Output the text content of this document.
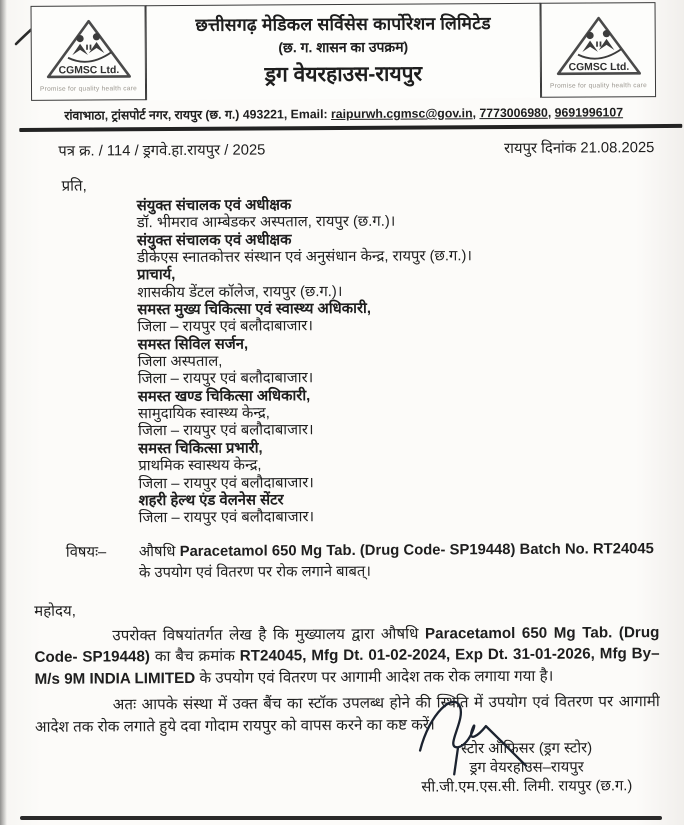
CGMSC Ltd.
Promise for quality health care
छत्तीसगढ़ मेडिकल सर्विसेस कार्पोरेशन लिमिटेड
(छ. ग. शासन का उपक्रम)
ड्रग वेयरहाउस-रायपुर	CGMSC Ltd.
Promise for quality health care
रांवाभाठा, ट्रांसपोर्ट नगर, रायपुर (छ. ग.) 493221, Email: raipurwh.cgmsc@gov.in, 7773006980, 9691996107
पत्र क्र. / 114 / ड्रगवे.हा.रायपुर / 2025	रायपुर दिनांक 21.08.2025
प्रति,
संयुक्त संचालक एवं अधीक्षक
डॉ. भीमराव आम्बेडकर अस्पताल, रायपुर (छ.ग.)।
संयुक्त संचालक एवं अधीक्षक
डीकेएस स्नातकोत्तर संस्थान एवं अनुसंधान केन्द्र, रायपुर (छ.ग.)।
प्राचार्य,
शासकीय डेंटल कॉलेज, रायपुर (छ.ग.)।
समस्त मुख्य चिकित्सा एवं स्वास्थ्य अधिकारी,
जिला – रायपुर एवं बलौदाबाजार।
समस्त सिविल सर्जन,
जिला अस्पताल,
जिला – रायपुर एवं बलौदाबाजार।
समस्त खण्ड चिकित्सा अधिकारी,
सामुदायिक स्वास्थ्य केन्द्र,
जिला – रायपुर एवं बलौदाबाजार।
समस्त चिकित्सा प्रभारी,
प्राथमिक स्वास्थय केन्द्र,
जिला – रायपुर एवं बलौदाबाजार।
शहरी हेल्थ एंड वेलनेस सेंटर
जिला – रायपुर एवं बलौदाबाजार।
विषयः–	औषधि Paracetamol 650 Mg Tab. (Drug Code- SP19448) Batch No. RT24045 के उपयोग एवं वितरण पर रोक लगाने बाबत्।
महोदय,
उपरोक्त विषयांतर्गत लेख है कि मुख्यालय द्वारा औषधि Paracetamol 650 Mg Tab. (Drug Code- SP19448) का बैच क्रमांक RT24045, Mfg Dt. 01-02-2024, Exp Dt. 31-01-2026, Mfg By– M/s 9M INDIA LIMITED के उपयोग एवं वितरण पर आगामी आदेश तक रोक लगाया गया है।
अतः आपके संस्था में उक्त बैंच का स्टॉक उपलब्ध होने की स्थिति में उपयोग एवं वितरण पर आगामी आदेश तक रोक लगाते हुये दवा गोदाम रायपुर को वापस करने का कष्ट करें।
स्टोर ऑफिसर (ड्रग स्टोर)
ड्रग वेयरहाउस–रायपुर
सी.जी.एम.एस.सी. लिमी. रायपुर (छ.ग.)
